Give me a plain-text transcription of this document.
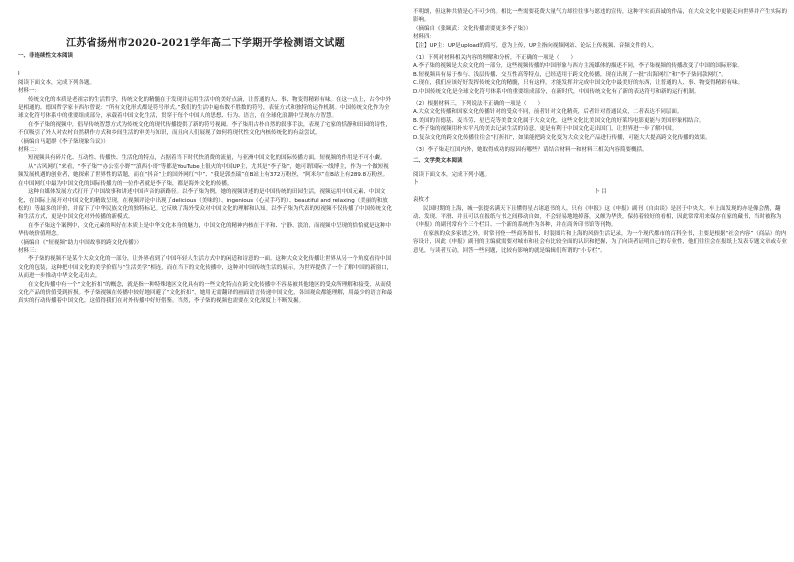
江苏省扬州市2020-2021学年高二下学期开学检测语文试题

一、非连续性文本阅读

Ⅰ

阅读下面文本，完成下列各题。

材料一：

传统文化的本质是老祖宗的生活哲学，传统文化的精髓在于发现并运用生活中的美好点滴，让普通的人、事、物变得精彩有味。在这一点上，古今中外是相通的。德国哲学家卡西尔曾说：“所有文化形式都是符号形式。”我们的生活中遍布数不胜数的符号，表征方式和独特的运作机制。中国传统文化作为全球文化符号体系中的重要组成部分，承载着中国文化生活，贯穿于每个中国人的思想、行为、语言，在全球化浪潮中呈现东方智慧。

在李子柒的视频中，倡导传统智慧方式为传统文化的现代传播提供了新的符号视阈。李子柒用古朴自然的叙事手法，表现了宅家的恬静和田园的诗性，不仅吸引了外人对农村自然耕作方式和乡间生活的审美与知识，而且向人们展现了如何将现代性文化内核传统化的有益尝试。

（摘编自马超群《李子柒现象刍议》）

材料二：

短视频具有碎片化、互动性、传播快、生活化的特点，占据着当下时代快消费的流量，与亚洲中国文化的国际传播方面，短视频的作用是不可小觑。

从“古风网红”来看，“李子柒”“办公室小野”“滇西小哥”等都是YouTube上很火的中国UP主，尤其是“李子柒”，她可谓国际一线博主，作为一个做短视频发展机遇的创业者，她探索了世界性的话题，而在“抖音”上的国外网红“中”、“我是郭杰瑞”在B站上有372万粉丝，“阿米尔”在B站上有289.8万粉丝。在中国网红中最为中国文化的国际传播力的一位作者就是李子柒，都是海外文化的传播。

这种自媒体发展方式打开了中国故事和讲述中国声音的新路径。以李子柒为例，她的视频讲述的是中国传统的田园生活，视频运用中国元素、中国文化，在国际上展开对中国文化的精致呈现，在视频评论中出现了delicious（美味的）、ingenious（心灵手巧的）、beautiful and relaxing（美丽的和放松的）等最多的评价，并留下了中华民族文化的独特标记。它反映了海外受众对中国文化的理解和认知。以李子柒为代表的短视频不仅传播了中国传统文化和生活方式，更是中国文化对外传播的新模式。

在李子柒这个案例中，文化元素的叫好在本质上是中华文化本身的魅力，中国文化的精神内核在于平和、宁静、淡泊，而视频中呈现的恰恰就是这种中华传统价值理念。

（摘编自《“短视频”助力中国故事的跨文化传播》）

材料三：

李子柒的视频不是某个大众文化的一部分，让外界看到了中国年轻人生活方式中的闲适和诗意的一面。这种大众文化传播让世界从另一个角度看待中国文化的包装，这种把中国文化的美学价值与“生活美学”相连，而在当下的文化传播中，这种对中国传统生活的展示，为世界提供了一个了解中国的新窗口，从而进一步推动中华文化走出去。

在文化传播中有一个“文化折扣”的概念，就是指一种特殊地区文化具有的一些文化特点在跨文化传播中不容易被其他地区的受众所理解和接受，从而使文化产品的价值受到折损。李子柒视频在传播中较好地回避了“文化折扣”，她用无需翻译的画面语言传递中国文化，各国观众都能理解，用最少的语言和最真实的行动传播着中国文化，这值得我们在对外传播中好好借鉴。当然，李子柒的视频也需要在文化深度上不断发掘。

不明朗，但这种共情是心不可少的。相比一些需要花费大量气力却往往事与愿违的宣传，这种平实而真诚的作品，在大众文化中更能走向世界并产生实际的影响。

（摘编自《张颐武：文化传播需要更多李子柒》）

材料四：

【注】UP主：UP是upload的简写，意为上传，UP主指向视频网站、论坛上传视频、音频文件的人。

（1）下列对材料相关内容的理解和分析，不正确的一项是（　　）

A.李子柒的视频是大众文化的一部分，这些视频传播的中国形象与西方主流媒体的描述不同，李子柒视频的传播改变了中国的国际形象。

B.短视频具有易于参与、浅层传播、交互性高等特点，已经适用于跨文化传播，现在出现了一批“出海网红”和“李子柒同款网红”。

C.现在，我们应该好好发挥传统文化的精髓，只有这样，才能发挥并完成中国文化中最美好的东西，让普通的人、事、物变得精彩有味。

D.中国传统文化是全球文化符号体系中的重要组成部分，在新时代，中国传统文化有了新的表达符号和新的运行机制。

（2）根据材料三，下列说法不正确的一项是（　　）

A.大众文化传播和国家文化传播针对的受众不同，前者针对文化精英，后者针对普通民众，二者表达不同层面。

B.美国的肯德基、麦当劳、星巴克等美食文化属于大众文化，这些文化比美国文化的好莱坞电影更能与美国形象相结合。

C.李子柒的视频用朴实平凡的美去记录生活的诗意，更是有利于中国文化走出国门，让世界进一步了解中国。

D.复杂文化的跨文化传播往往会“打折扣”，如果能把跨文化变为大众文化产品进行传播，可能大大提高跨文化传播的效果。

（3）李子柒走红国内外，她取得成功的原因有哪些？请结合材料一和材料三相关内容简要概括。

二、文学类文本阅读

阅读下面文本，完成下列小题。

卜

卜 目

袁枚才

民国时期的上海，城一张提名满天下且懂得星占诸道书的人，只有《申报》这《申报》副刊《自由谈》是居于中央大。车上面发现的亦是像会鹊，翻动、发现、平滑、并且可以在报纸与书之间移动自如，不会轻易地地掉落，又颇为华贵，保持着较好的看相，因此常常用来保存在家的藏书，当时被称为《申报》的副刊常有个三个栏目、一个新的系统作为各种，并在商务印书馆等刊物。

在家族的众多家谱之外，时常刊登一些商务图书、时装图片和上海的风俗生活记录，为一个现代都市的百科全书，主要是根据“社会内容”（商品）的内容设计，因此《申报》副刊的主编就需要对城市和社会有比较全面的认识和把握，为了向读者证明自己的专业性，他们往往会在报纸上发表专题文章或专业意见，与读者互动，回答一些问题，比较有影响的就是编辑们所谓的“小专栏”。
